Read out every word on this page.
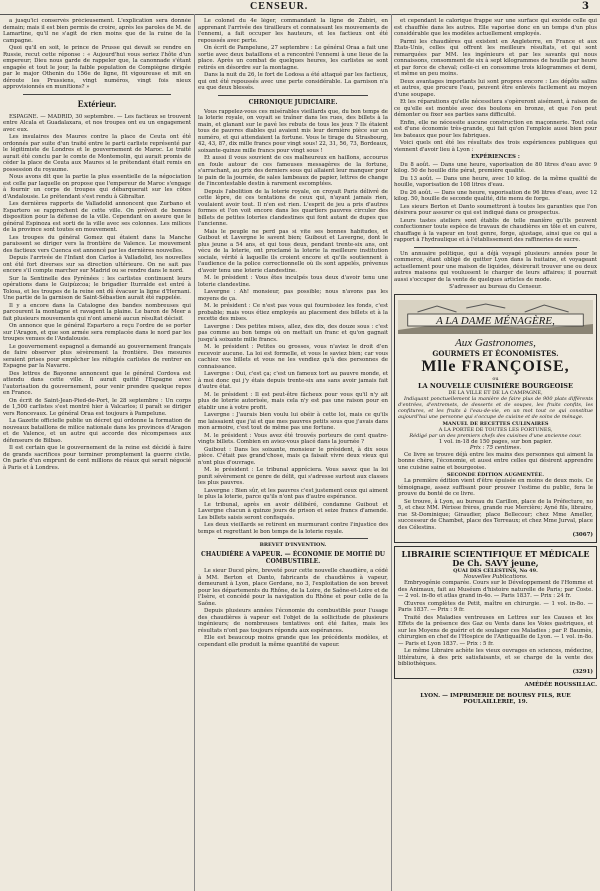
CENSEUR.	3

a jusqu'ici conservés précieusement. L'explication sera donnée demain; mais il est bien permis de croire, après les paroles de M. de Lamartine, qu'il ne s'agit de rien moins que de la ruine de la campagne.

Quoi qu'il en soit, le prince de Prusse qui devait se rendre en Russie, recut cette réponse : « Aujourd'hui vous seriez l'hôte d'un empereur; Dieu nous garde de rappeler que, la canonnade s'étant engagée et tout le jour, la faible population de Compiègne dirigée par le major Othenin du 156e de ligne, fit vigoureuse et mit en déroute les Prussiens, vingt numéros, vingt fois nieux approvisionnés en munitions? »

Extérieur.

ESPAGNE. — MADRID, 30 septembre. — Les factieux se trouvent entre Alcala et Guadalaxara, et nos troupes ont eu un engagement avec eux.

Les insulaires des Maures contre la place de Ceuta ont été ordonnés par suite d'un traité entre le parti carliste représenté par le légitimiste de Londres et le gouvernement de Maroc. Le traité aurait été conclu par le comte de Montemolin, qui aurait promis de céder la place de Ceuta aux Maures si le prétendant était remis en possession du royaume.

Nous avons dit que la partie la plus essentielle de la négociation est celle par laquelle on propose que l'empereur de Maroc s'engage à fournir un corps de troupes qui débarquerait sur les côtes d'Andalousie. Le prétendant s'est rendu à Gibraltar.

Les dernières rapports de Valladolid annoncent que Zurbano et Espartero se rapprochent de cette ville. On prévoit de bonnes disposition pour la défense de la ville. Cependant on assure que le général Espinoza est sorti de la ville avec ses colonnes. Les milices de la province sont toutes en mouvement.

Les troupes du général Gomez qui étaient dans la Manche paraissent se diriger vers la frontière de Valence. Le mouvement des factieux vers Cuenca est annoncé par les dernières nouvelles.

Depuis l'arrivée de l'Infant don Carlos à Valladolid, les nouvelles ont été fort diverses sur sa direction ultérieure. On ne sait pas encore s'il compte marcher sur Madrid ou se rendre dans le nord.

Sur la Sentinelle des Pyrénées : les carlistes continuent leurs opérations dans le Guipúzcoa; le brigadier Iturralde est entré à Tolosa, et les troupes de la reine ont dû évacuer la ligne d'Hernani. Une partie de la garnison de Saint-Sébastien aurait été rappelée.

Il y a encore dans la Catalogne des bandes nombreuses qui parcourent la montagne et ravagent la plaine. Le baron de Meer a fait plusieurs mouvements qui n'ont amené aucun résultat décisif.

On annonce que le général Espartero a reçu l'ordre de se porter sur l'Aragon, et que son armée sera remplacée dans le nord par les troupes venues de l'Andalousie.

Le gouvernement espagnol a demandé au gouvernement français de faire observer plus sévèrement la frontière. Des mesures seraient prises pour empêcher les réfugiés carlistes de rentrer en Espagne par la Navarre.

Des lettres de Bayonne annoncent que le général Cordova est attendu dans cette ville. Il aurait quitté l'Espagne avec l'autorisation du gouvernement, pour venir prendre quelque repos en France.

On écrit de Saint-Jean-Pied-de-Port, le 28 septembre : Un corps de 1,500 carlistes s'est montré hier à Valcarlos; il paraît se diriger vers Roncevaux. Le général Oraa est toujours à Pampelune.

La Gazette officielle publie un décret qui ordonne la formation de nouveaux bataillons de milice nationale dans les provinces d'Aragon et de Valence, et un autre qui accorde des récompenses aux défenseurs de Bilbao.

Il est certain que le gouvernement de la reine est décidé à faire de grands sacrifices pour terminer promptement la guerre civile. On parle d'un emprunt de cent millions de réaux qui serait négocié à Paris et à Londres.

Le colonel du 4e léger, commandant la ligne de Zubiri, en apprenant l'arrivée des tirailleurs et connaissant les mouvements de l'ennemi, a fait occuper les hauteurs, et les factieux ont été repoussés avec perte.

On écrit de Pampelune, 27 septembre : Le général Oraa a fait une sortie avec deux bataillons et a rencontré l'ennemi à une lieue de la place. Après un combat de quelques heures, les carlistes se sont retirés en désordre sur la montagne.

Dans la nuit du 26, le fort de Lodosa a été attaqué par les factieux, qui ont été repoussés avec une perte considérable. La garnison n'a eu que deux blessés.

CHRONIQUE JUDICIAIRE.

Vous rappelez-vous ces misérables vieillards que, du bon temps de la loterie royale, on voyait se traîner dans les rues, des billets à la main, et glanant sur le pavé les rebuts de tous les jeux ? Ils étaient tous de pauvres diables qui avaient mis leur dernière pièce sur un numéro, et qui attendaient la fortune. Vous le tirage du Strasbourg, 42, 43, 87, dix mille francs pour vingt sous! 22, 31, 56, 73, Bordeaux, soixante-quinze mille francs pour vingt sous !

Et aussi il vous souvient de ces malheureux en haillons, accourus en foule autour de ces fameuses messagères de la fortune, s'arrachant, au prix des derniers sous qui allaient leur manquer pour le pain de la journée, de sales lambeaux de papier, lettres de change de l'incontestable destin à rarement escomptées.

Depuis l'abolition de la loterie royale, on croyait Paris délivré de cette lèpre, de ces tentations de ceux qui, n'ayant jamais rien, voulaient avoir tout. Il n'en est rien. L'esprit de jeu a pris d'autres formes et l'on voit encore dans les quartiers pauvres circuler des billets de petites loteries clandestines qui font autant de dupes que l'ancienne.

Mais le peuple ne perd pas si vite ses bonnes habitudes, et Guibout et Lavergne le savent bien; Guibout et Lavergne, dont le plus jeune a 54 ans, et qui tous deux, pendant trente-six ans, ont vécu de la loterie, ont proclamé la loterie la meilleure institution sociale, vérité à laquelle ils croient encore et qu'ils soutiennent à l'audience de la police correctionnelle où ils sont appelés, prévenus d'avoir tenu une loterie clandestine.

M. le président : Vous êtes inculpés tous deux d'avoir tenu une loterie clandestine.

Lavergne : Ah! monsieur, pas possible; nous n'avons pas les moyens de ça.

M. le président : Ce n'est pas vous qui fournissiez les fonds, c'est probable; mais vous étiez employés au placement des billets et à la recette des mises.

Lavergne : Des petites mises, allez, des dix, des douze sous : c'est pas comme au bon temps où on mettait un franc et qu'on gagnait jusqu'à soixante mille francs.

M. le président : Petites ou grosses, vous n'aviez le droit d'en recevoir aucune. La loi est formelle, et vous le saviez bien; car vous cachiez vos billets et vous ne les vendiez qu'à des personnes de connaissance.

Lavergne : Oui, c'est ça; c'est un fameux tort au pauvre monde, et à moi donc qui j'y étais depuis trente-six ans sans avoir jamais fait d'autre état.

M. le président : Il est peut-être fâcheux pour vous qu'il n'y ait plus de loterie autorisée, mais cela n'y est pas une raison pour en établir une à votre profit.

Lavergne : J'aurais bien voulu lui obéir à cette loi, mais ce qu'ils me laissaient que j'ai et que mes pauvres petits sous que j'avais dans mon armoire, c'est tout de même pas une fortune.

M. le président : Vous avez été trouvés porteurs de cent quatre-vingts billets. Combien en aviez-vous placé dans la journée ?

Guibout : Dans les soixante, monsieur le président, à dix sous pièce. C'était pas grand'chose, mais ça faisait vivre deux vieux qui n'ont plus d'ouvrage.

M. le président : Le tribunal appréciera. Vous savez que la loi punit sévèrement ce genre de délit, qui s'adresse surtout aux classes les plus pauvres.

Lavergne : Bien sûr, et les pauvres c'est justement ceux qui aiment le plus la loterie, parce qu'ils n'ont pas d'autre espérance.

Le tribunal, après en avoir délibéré, condamne Guibout et Lavergne chacun à quinze jours de prison et seize francs d'amende. Les billets saisis seront confisqués.

Les deux vieillards se retirent en murmurant contre l'injustice des temps et regrettant le bon temps de la loterie royale.

BREVET D'INVENTION.
CHAUDIÈRE A VAPEUR. — ÉCONOMIE DE MOITIÉ DU COMBUSTIBLE.

Le sieur Ducel père, breveté pour cette nouvelle chaudière, a cédé à MM. Berton et Danto, fabricants de chaudières à vapeur, demeurant à Lyon, place Gerdane, no 3, l'exploitation de son brevet pour les départements du Rhône, de la Loire, de Saône-et-Loire et de l'Isère, et concédé pour la navigation du Rhône et pour celle de la Saône.

Depuis plusieurs années l'économie du combustible pour l'usage des chaudières à vapeur est l'objet de la sollicitude de plusieurs ingénieurs; de nombreuses tentatives ont été faites, mais les résultats n'ont pas toujours répondu aux espérances.

Elle est beaucoup moins grande que les précédents modèles, et cependant elle produit la même quantité de vapeur.

et cependant le calorique frappe sur une surface qui excède celle qui est chauffée dans les autres. Elle vaporise donc en un temps d'un plus considérable que les modèles actuellement employés.

Parmi les chaudières qui existent en Angleterre, en France et aux Etats-Unis, celles qui offrent les meilleurs résultats, et qui sont remarquées par MM. les ingénieurs et par les savants qui nous connaissons, consomment de six à sept kilogrammes de houille par heure et par force de cheval; celle-ci en consomme trois kilogrammes et demi, et même un peu moins.

Deux avantages importants lui sont propres encore : Les dépôts salins et autres, que procure l'eau, peuvent être enlevés facilement au moyen d'une soupape.

Et les réparations qu'elle nécessitera s'opèreront aisément, à raison de ce qu'elle est montée avec des boulons en bronze, et que l'on peut démonter ou fixer ses parties sans difficulté.

Enfin, elle ne nécessite aucune construction en maçonnerie. Tout cela est d'une économie très-grande, qui fait qu'on l'emploie aussi bien pour les bateaux que pour les fabriques.

Voici quels ont été les résultats des trois expériences publiques qui viennent d'avoir lieu à Lyon :

EXPÉRIENCES :

Du 8 août. — Dans une heure, vaporisation de 80 litres d'eau avec 9 kilog. 50 de houille dite pérat, première qualité.

Du 13 août. — Dans une heure, avec 10 kilog. de la même qualité de houille, vaporisation de 108 litres d'eau.

Du 26 août. — Dans une heure, vaporisation de 96 litres d'eau, avec 12 kilog. 50, houille de seconde qualité, dite menu de forge.

Les sieurs Berton et Danto soumettront à toutes les garanties que l'on désirera pour assurer ce qui est indiqué dans ce prospectus.

Leurs tastes ateliers sont établis de telle manière qu'ils peuvent confectionner toute espèce de travaux de chaudières en tôle et en cuivre, chauffage à la vapeur en tout genre, forge, ajustage, ainsi que ce qui a rapport à l'hydraulique et à l'établissement des raffineries de sucre.

Un annuaire politique, qui a déjà voyagé plusieurs années pour le commerce, étant obligé de quitter Lyon dans la huitaine, et voyageant actuellement pour une maison de liquides, désirerait trouver une ou deux autres maisons qui voulussent le charger de leurs affaires; il pourrait aussi s'occuper de la vente de quelques articles de mode.

S'adresser au bureau du Censeur.

A LA DAME MÉNAGÈRE,
Aux Gastronomes,
GOURMETS ET ÉCONOMISTES.
Mlle FRANÇOISE,
ou
LA NOUVELLE CUISINIÈRE BOURGEOISE
DE LA VILLE ET DE LA CAMPAGNE,

Indiquant ponctuellement la manière de faire plus de 900 plats différents d'entrées, d'entremets, de desserts et de soupes, les fruits confits, les confitures, et les fruits à l'eau-de-vie, en un mot tout ce qui constitue aujourd'hui une personne qui s'occupe de cuisine et de soins de ménage.

MANUEL DE RECETTES CULINAIRES
A LA PORTÉE DE TOUTES LES FORTUNES,
Rédigé par un des premiers chefs des cuisines d'une ancienne cour.
1 vol. in-18 de 150 pages, sur bon papier.
Prix : 75 centimes.

Ce livre se trouve déjà entre les mains des personnes qui aiment la bonne chère, l'économie, et aussi entre celles qui désirent apprendre une cuisine saine et bourgeoise.

SECONDE ÉDITION AUGMENTÉE.

La première édition vient d'être épuisée en moins de deux mois. Ce témoignage, assez suffisant pour prouver l'estime du public, fera le prouve du bonté de ce livre.

Se trouve, à Lyon, au bureau du Carillon, place de la Préfecture, no 5, et chez MM. Périsse frères, grande rue Mercière; Ayné fils, libraire, rue St-Dominique; Giraudier, place Bellecour; chez Mme Ameller, successeur de Chambet, place des Terreaux; et chez Mme Jurval, place des Célestins.

(3067)
LIBRAIRIE SCIENTIFIQUE ET MÉDICALE
De Ch. SAVY jeune,
QUAI DES CÉLESTINS, No 49.
Nouvelles Publications.

Embryogénie comparée. Cours sur le Développement de l'Homme et des Animaux, fait au Muséum d'histoire naturelle de Paris; par Coste. — 2 vol. in-8o et atlas grand in-4o. — Paris 1837. — Prix : 24 fr.

Œuvres complètes de Petit, maître en chirurgie. — 1 vol. in-8o. — Paris 1837. — Prix : 9 fr.

Traité des Maladies ventreuses en Lettres sur les Causes et les Effets de la présence des Gaz ou Vents dans les Voies gastriques, et sur les Moyens de guérir et de soulager ces Maladies ; par P. Baumès, chirurgien en chef de l'Hospice de l'Antiquaille de Lyon. — 1 vol. in-8o. — Paris et Lyon 1837. — Prix : 5 fr.

Le même Libraire achète les vieux ouvrages en sciences, médecine, littérature, à des prix satisfaisants, et se charge de la vente des bibliothèques.

(3291)
AMÉDÉE ROUSSILLAC.
LYON. — IMPRIMERIE DE BOURSY FILS, RUE POULAILLERIE, 19.
